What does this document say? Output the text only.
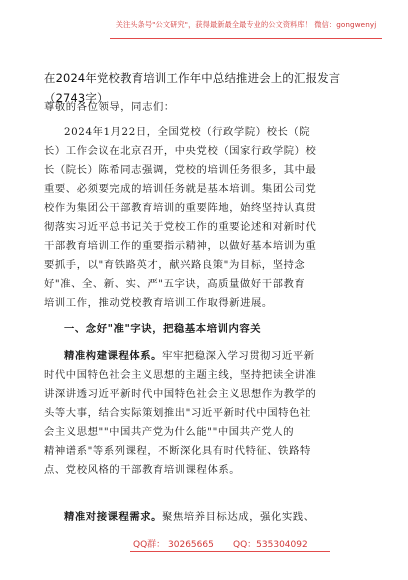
关注头条号"公文研究"，获得最新最全最专业的公文资料库！ 微信：gongwenyj
在2024年党校教育培训工作年中总结推进会上的汇报发言
（2743字）
尊敬的各位领导，同志们：
2024年1月22日，全国党校（行政学院）校长（院
长）工作会议在北京召开，中央党校（国家行政学院）校
长（院长）陈希同志强调，党校的培训任务很多，其中最
重要、必须要完成的培训任务就是基本培训。集团公司党
校作为集团公干部教育培训的重要阵地，始终坚持认真贯
彻落实习近平总书记关于党校工作的重要论述和对新时代
干部教育培训工作的重要指示精神，以做好基本培训为重
要抓手，以"育铁路英才，献兴路良策"为目标，坚持念
好"准、全、新、实、严"五字诀，高质量做好干部教育
培训工作，推动党校教育培训工作取得新进展。
一、念好"准"字诀，把稳基本培训内容关
精准构建课程体系。牢牢把稳深入学习贯彻习近平新
时代中国特色社会主义思想的主题主线，坚持把读全讲准
讲深讲透习近平新时代中国特色社会主义思想作为教学的
头等大事，结合实际策划推出"习近平新时代中国特色社
会主义思想""中国共产党为什么能""中国共产党人的
精神谱系"等系列课程，不断深化具有时代特征、铁路特
点、党校风格的干部教育培训课程体系。
精准对接课程需求。聚焦培养目标达成，强化实践、
QQ群： 30265665 QQ：535304092
